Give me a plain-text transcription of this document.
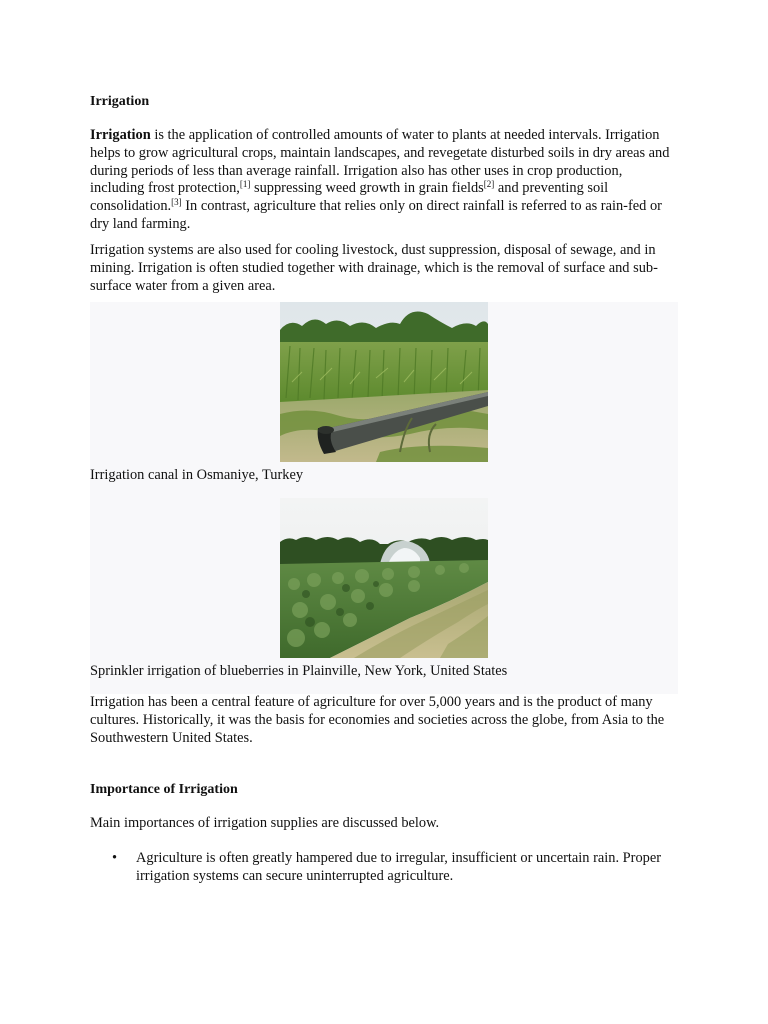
Irrigation

Irrigation is the application of controlled amounts of water to plants at needed intervals. Irrigation helps to grow agricultural crops, maintain landscapes, and revegetate disturbed soils in dry areas and during periods of less than average rainfall. Irrigation also has other uses in crop production, including frost protection,[1] suppressing weed growth in grain fields[2] and preventing soil consolidation.[3] In contrast, agriculture that relies only on direct rainfall is referred to as rain-fed or dry land farming.

Irrigation systems are also used for cooling livestock, dust suppression, disposal of sewage, and in mining. Irrigation is often studied together with drainage, which is the removal of surface and sub-surface water from a given area.

Irrigation canal in Osmaniye, Turkey

Sprinkler irrigation of blueberries in Plainville, New York, United States

Irrigation has been a central feature of agriculture for over 5,000 years and is the product of many cultures. Historically, it was the basis for economies and societies across the globe, from Asia to the Southwestern United States.

Importance of Irrigation

Main importances of irrigation supplies are discussed below.

• Agriculture is often greatly hampered due to irregular, insufficient or uncertain rain. Proper irrigation systems can secure uninterrupted agriculture.
